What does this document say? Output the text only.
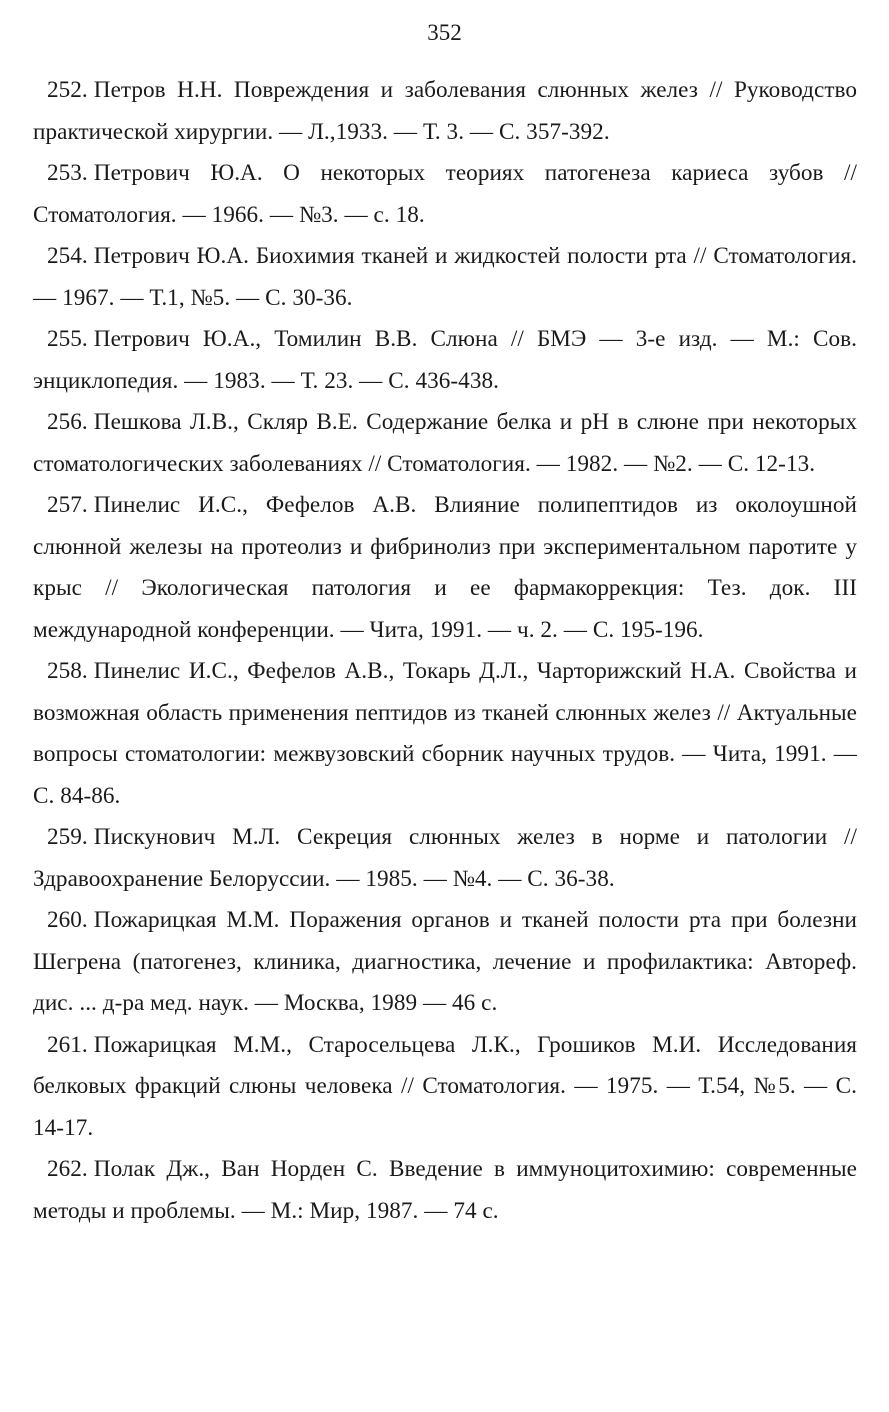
352
252. Петров Н.Н. Повреждения и заболевания слюнных желез // Руководство практической хирургии. — Л.,1933. — Т. 3. — С. 357-392.
253. Петрович Ю.А. О некоторых теориях патогенеза кариеса зубов // Стоматология. — 1966. — №3. — с. 18.
254. Петрович Ю.А. Биохимия тканей и жидкостей полости рта // Стоматология. — 1967. — Т.1, №5. — С. 30-36.
255. Петрович Ю.А., Томилин В.В. Слюна // БМЭ — 3-е изд. — М.: Сов. энциклопедия. — 1983. — Т. 23. — С. 436-438.
256. Пешкова Л.В., Скляр В.Е. Содержание белка и рН в слюне при некоторых стоматологических заболеваниях // Стоматология. — 1982. — №2. — С. 12-13.
257. Пинелис И.С., Фефелов А.В. Влияние полипептидов из околоушной слюнной железы на протеолиз и фибринолиз при экспериментальном паротите у крыс // Экологическая патология и ее фармакоррекция: Тез. док. III международной конференции. — Чита, 1991. — ч. 2. — С. 195-196.
258. Пинелис И.С., Фефелов А.В., Токарь Д.Л., Чарторижский Н.А. Свойства и возможная область применения пептидов из тканей слюнных желез // Актуальные вопросы стоматологии: межвузовский сборник научных трудов. — Чита, 1991. — С. 84-86.
259. Пискунович М.Л. Секреция слюнных желез в норме и патологии // Здравоохранение Белоруссии. — 1985. — №4. — С. 36-38.
260. Пожарицкая М.М. Поражения органов и тканей полости рта при болезни Шегрена (патогенез, клиника, диагностика, лечение и профилактика: Автореф. дис. ... д-ра мед. наук. — Москва, 1989 — 46 с.
261. Пожарицкая М.М., Старосельцева Л.К., Грошиков М.И. Исследования белковых фракций слюны человека // Стоматология. — 1975. — Т.54, №5. — С. 14-17.
262. Полак Дж., Ван Норден С. Введение в иммуноцитохимию: современные методы и проблемы. — М.: Мир, 1987. — 74 с.
